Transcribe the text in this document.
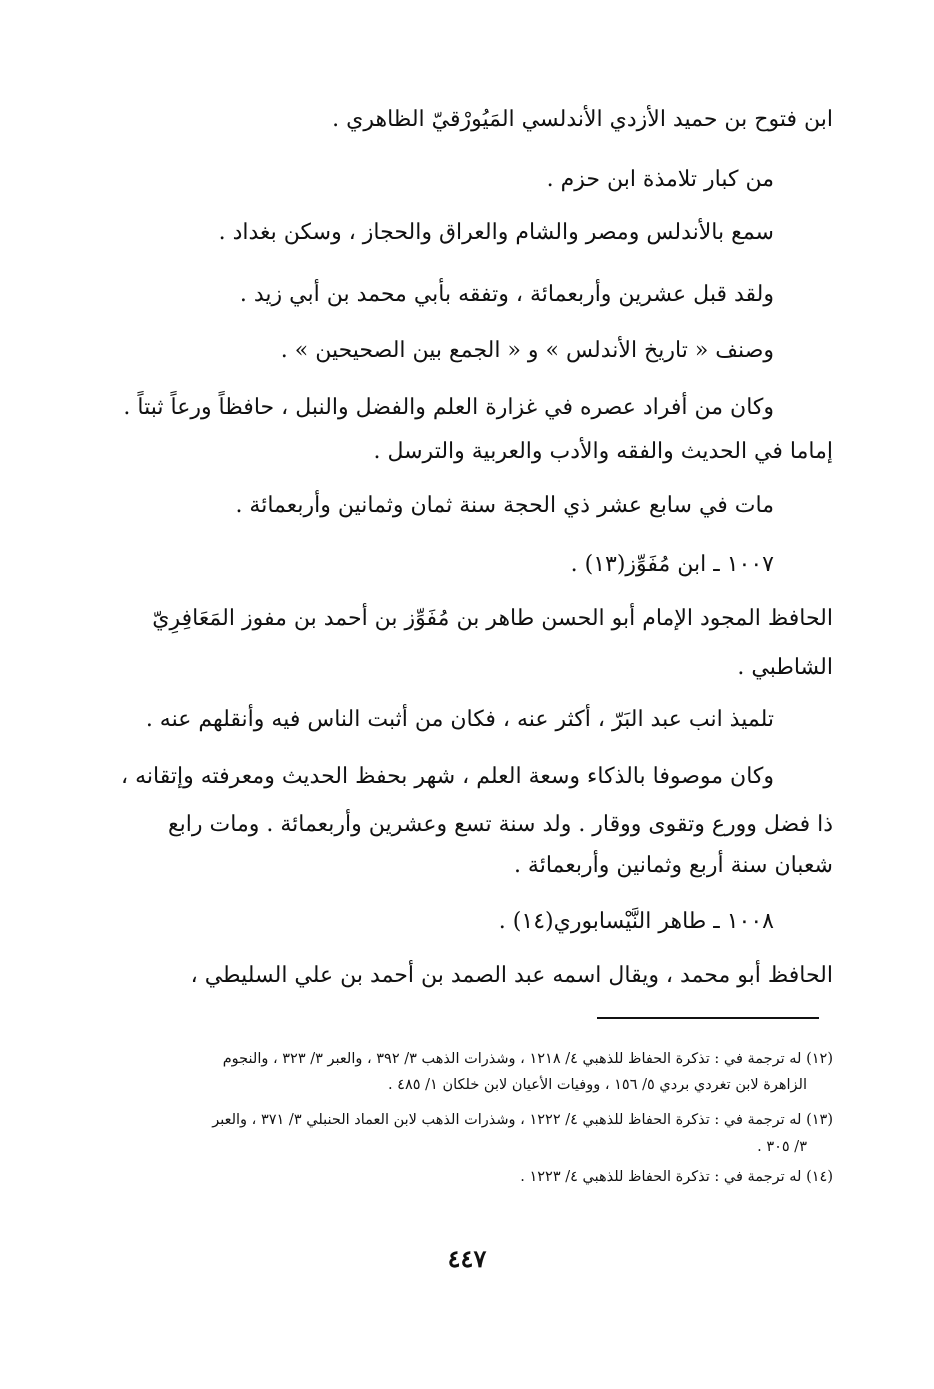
ابن فتوح بن حميد الأزدي الأندلسي المَيُورْقيّ الظاهري .
من كبار تلامذة ابن حزم .
سمع بالأندلس ومصر والشام والعراق والحجاز ، وسكن بغداد .
ولقد قبل عشرين وأربعمائة ، وتفقه بأبي محمد بن أبي زيد .
وصنف « تاريخ الأندلس » و « الجمع بين الصحيحين » .
وكان من أفراد عصره في غزارة العلم والفضل والنبل ، حافظاً ورعاً ثبتاً .
إماما في الحديث والفقه والأدب والعربية والترسل .
مات في سابع عشر ذي الحجة سنة ثمان وثمانين وأربعمائة .
١٠٠٧ ـ ابن مُفَوِّز(١٣) .
الحافظ المجود الإمام أبو الحسن طاهر بن مُفَوِّز بن أحمد بن مفوز المَعَافِرِيّ
الشاطبي .
تلميذ انب عبد البَرّ ، أكثر عنه ، فكان من أثبت الناس فيه وأنقلهم عنه .
وكان موصوفا بالذكاء وسعة العلم ، شهر بحفظ الحديث ومعرفته وإتقانه ،
ذا فضل وورع وتقوى ووقار . ولد سنة تسع وعشرين وأربعمائة . ومات رابع
شعبان سنة أربع وثمانين وأربعمائة .
١٠٠٨ ـ طاهر النَّيْسابوري(١٤) .
الحافظ أبو محمد ، ويقال اسمه عبد الصمد بن أحمد بن علي السليطي ،
(١٢) له ترجمة في : تذكرة الحفاظ للذهبي ٤/ ١٢١٨ ، وشذرات الذهب ٣/ ٣٩٢ ، والعبر ٣/ ٣٢٣ ، والنجوم
الزاهرة لابن تغردي بردي ٥/ ١٥٦ ، ووفيات الأعيان لابن خلكان ١/ ٤٨٥ .
(١٣) له ترجمة في : تذكرة الحفاظ للذهبي ٤/ ١٢٢٢ ، وشذرات الذهب لابن العماد الحنبلي ٣/ ٣٧١ ، والعبر
٣/ ٣٠٥ .
(١٤) له ترجمة في : تذكرة الحفاظ للذهبي ٤/ ١٢٢٣ .
٤٤٧
